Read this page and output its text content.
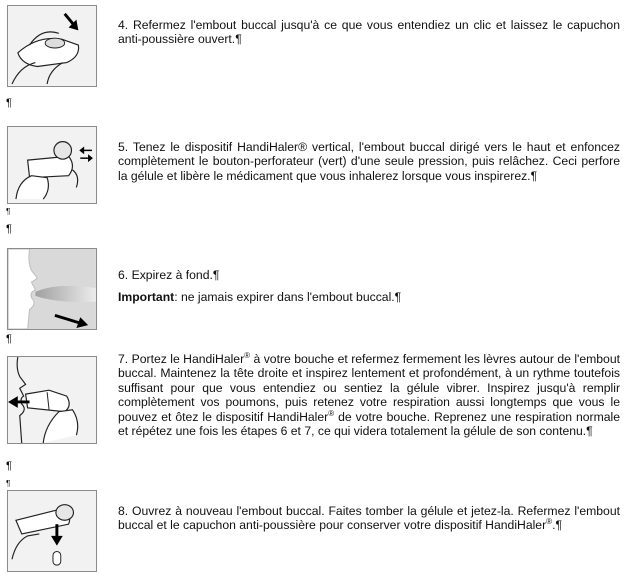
4. Refermez l'embout buccal jusqu'à ce que vous entendiez un clic et laissez le capuchon anti-poussière ouvert.¶

¶

5. Tenez le dispositif HandiHaler® vertical, l'embout buccal dirigé vers le haut et enfoncez complètement le bouton-perforateur (vert) d'une seule pression, puis relâchez. Ceci perfore la gélule et libère le médicament que vous inhalerez lorsque vous inspirerez.¶

¶
¶

6. Expirez à fond.¶

Important: ne jamais expirer dans l'embout buccal.¶

¶

7. Portez le HandiHaler® à votre bouche et refermez fermement les lèvres autour de l'embout buccal. Maintenez la tête droite et inspirez lentement et profondément, à un rythme toutefois suffisant pour que vous entendiez ou sentiez la gélule vibrer. Inspirez jusqu'à remplir complètement vos poumons, puis retenez votre respiration aussi longtemps que vous le pouvez et ôtez le dispositif HandiHaler® de votre bouche. Reprenez une respiration normale et répétez une fois les étapes 6 et 7, ce qui videra totalement la gélule de son contenu.¶

¶
¶

8. Ouvrez à nouveau l'embout buccal. Faites tomber la gélule et jetez-la. Refermez l'embout buccal et le capuchon anti-poussière pour conserver votre dispositif HandiHaler®.¶
